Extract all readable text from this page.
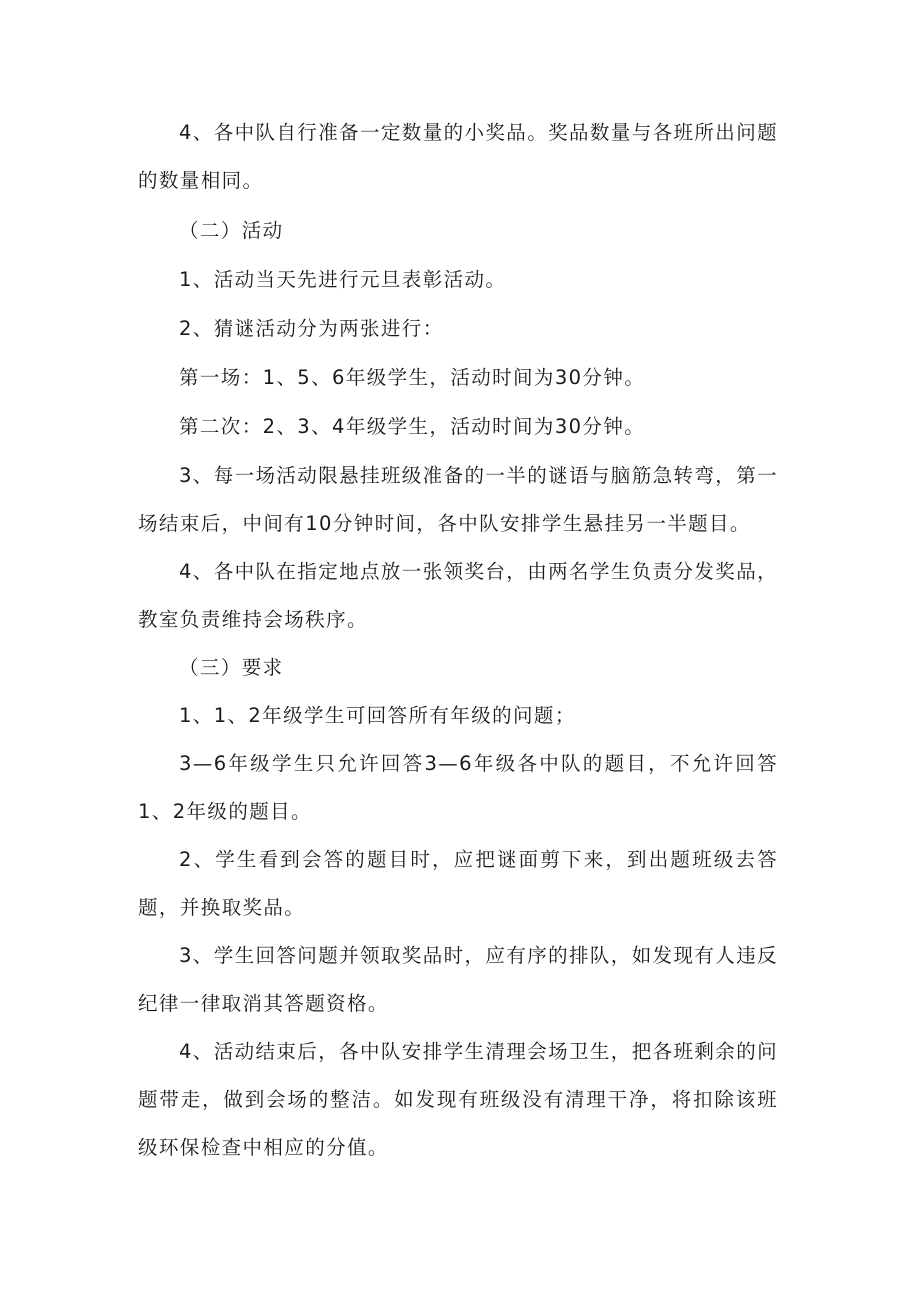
4、各中队自行准备一定数量的小奖品。奖品数量与各班所出问题的数量相同。

（二）活动

1、活动当天先进行元旦表彰活动。

2、猜谜活动分为两张进行：

第一场：1、5、6年级学生，活动时间为30分钟。

第二次：2、3、4年级学生，活动时间为30分钟。

3、每一场活动限悬挂班级准备的一半的谜语与脑筋急转弯，第一场结束后，中间有10分钟时间，各中队安排学生悬挂另一半题目。

4、各中队在指定地点放一张领奖台，由两名学生负责分发奖品，教室负责维持会场秩序。

（三）要求

1、1、2年级学生可回答所有年级的问题；

3—6年级学生只允许回答3—6年级各中队的题目，不允许回答1、2年级的题目。

2、学生看到会答的题目时，应把谜面剪下来，到出题班级去答题，并换取奖品。

3、学生回答问题并领取奖品时，应有序的排队，如发现有人违反纪律一律取消其答题资格。

4、活动结束后，各中队安排学生清理会场卫生，把各班剩余的问题带走，做到会场的整洁。如发现有班级没有清理干净，将扣除该班级环保检查中相应的分值。
